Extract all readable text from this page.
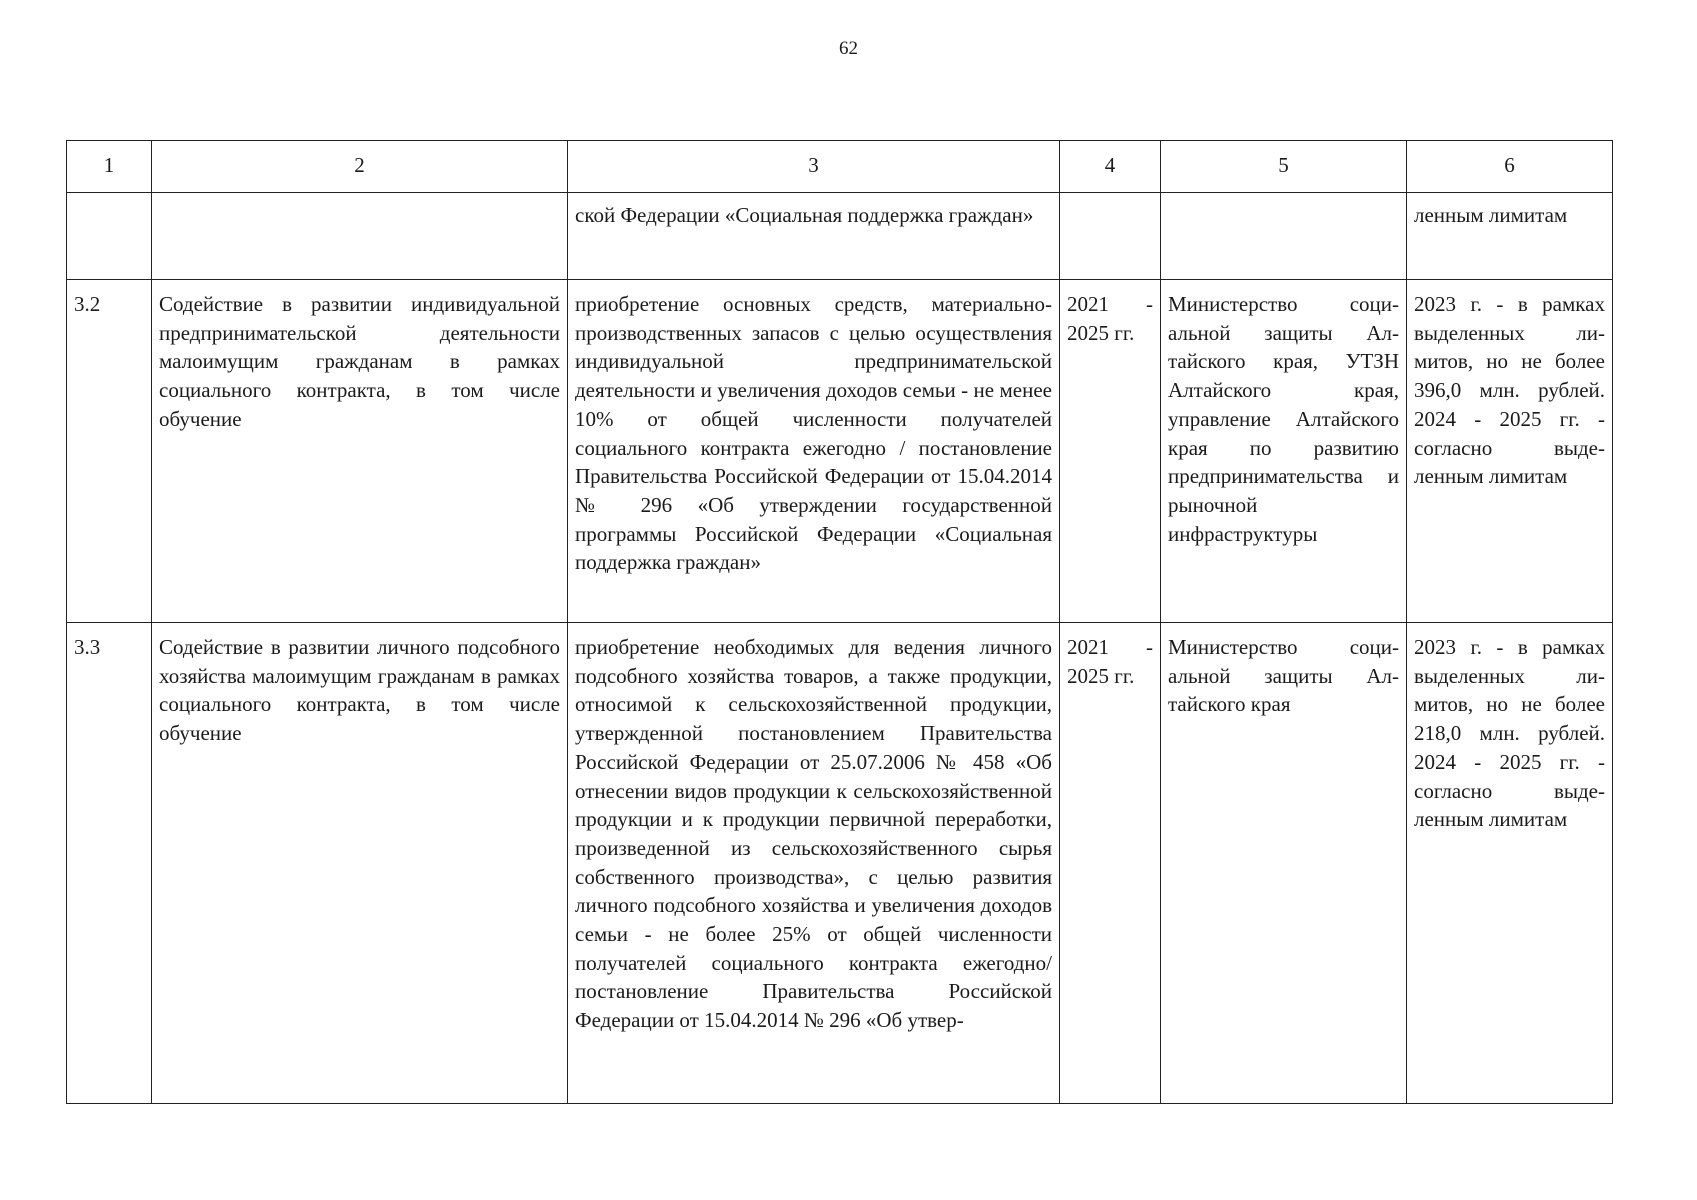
62
1	2	3	4	5	6
		ской Федерации «Социальная поддержка граждан»			ленным лимитам
3.2	Содействие в развитии индивидуальной предпринимательской деятельности малоимущим гражданам в рамках социального контракта, в том числе обучение	приобретение основных средств, материально-производственных запасов с целью осуществления индивидуальной предпринимательской деятельности и увеличения доходов семьи - не менее 10% от общей численности получателей социального контракта ежегодно / постановление Правительства Российской Федерации от 15.04.2014 № 296 «Об утверждении государственной программы Российской Федерации «Социальная поддержка граждан»	2021 - 2025 гг.	Министерство социальной защиты Алтайского края, УТЗН Алтайского края, управление Алтайского края по развитию предпринимательства и рыночной инфраструктуры	2023 г. - в рамках выделенных лимитов, но не более 396,0 млн. рублей. 2024 - 2025 гг. - согласно выделенным лимитам
3.3	Содействие в развитии личного подсобного хозяйства малоимущим гражданам в рамках социального контракта, в том числе обучение	приобретение необходимых для ведения личного подсобного хозяйства товаров, а также продукции, относимой к сельскохозяйственной продукции, утвержденной постановлением Правительства Российской Федерации от 25.07.2006 № 458 «Об отнесении видов продукции к сельскохозяйственной продукции и к продукции первичной переработки, произведенной из сельскохозяйственного сырья собственного производства», с целью развития личного подсобного хозяйства и увеличения доходов семьи - не более 25% от общей численности получателей социального контракта ежегодно/постановление Правительства Российской Федерации от 15.04.2014 № 296 «Об утвер-	2021 - 2025 гг.	Министерство социальной защиты Алтайского края	2023 г. - в рамках выделенных лимитов, но не более 218,0 млн. рублей. 2024 - 2025 гг. - согласно выделенным лимитам
